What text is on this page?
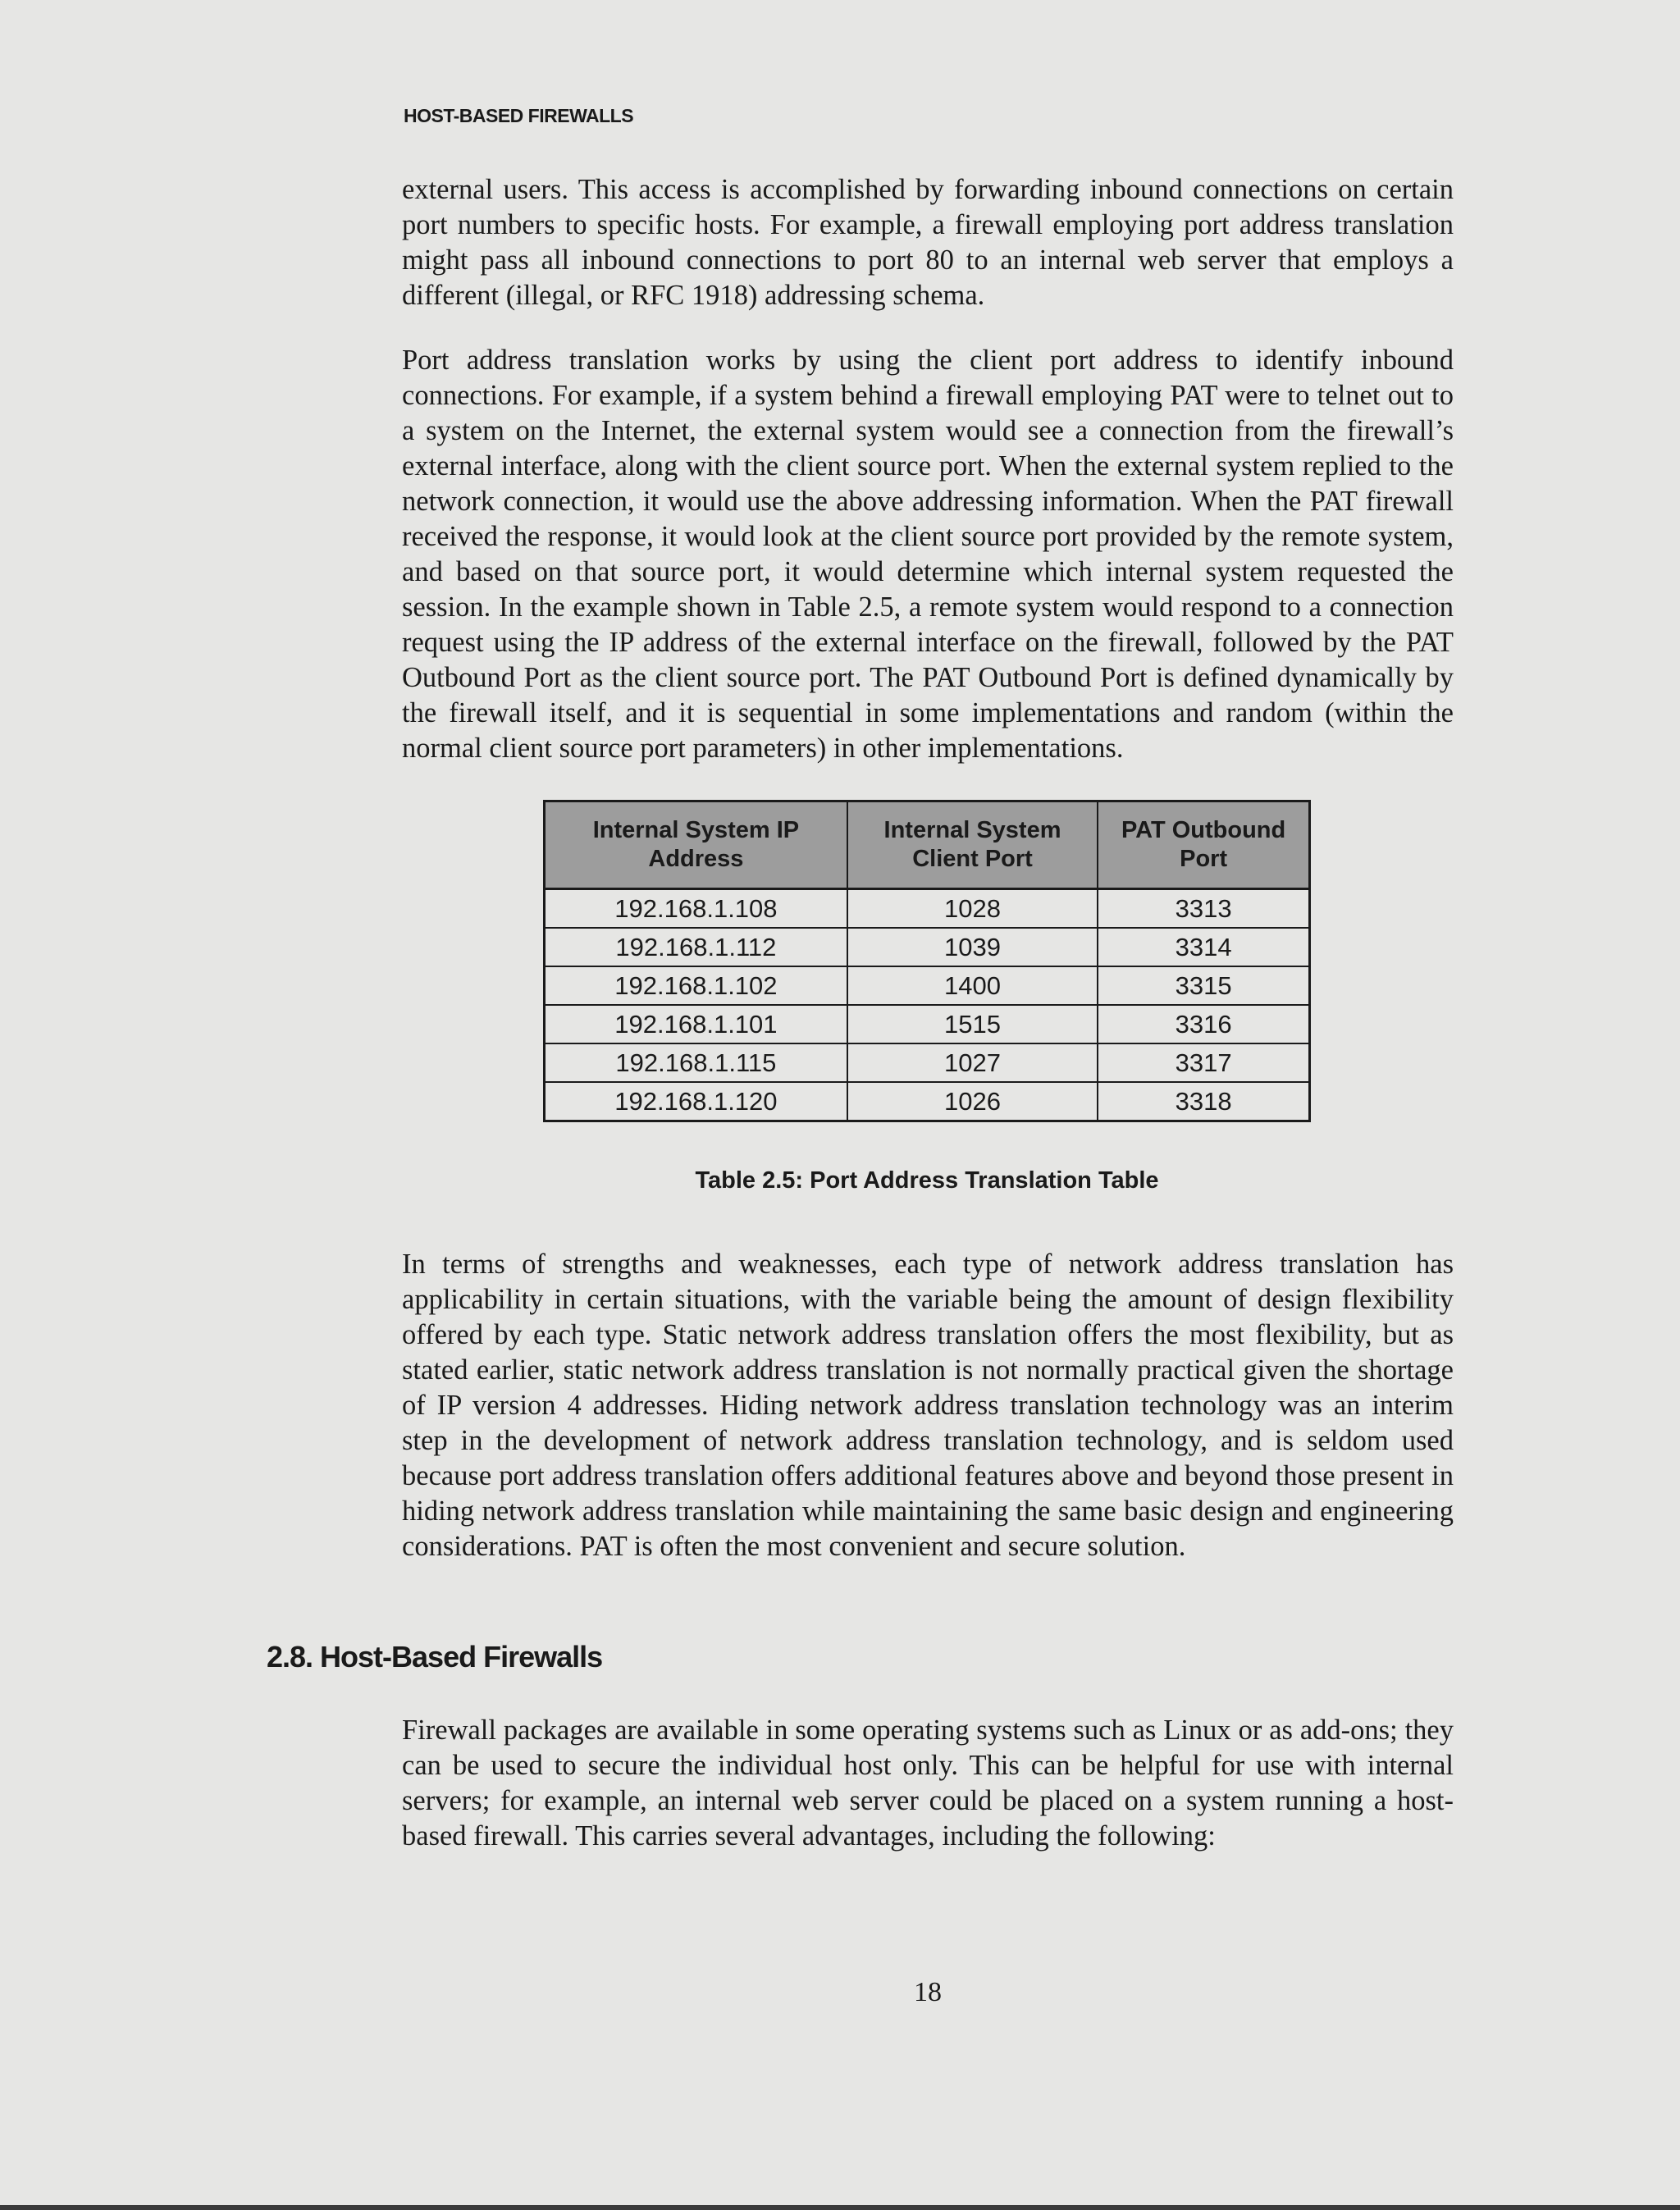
HOST-BASED FIREWALLS

external users. This access is accomplished by forwarding inbound connections on certain port numbers to specific hosts. For example, a firewall employing port address translation might pass all inbound connections to port 80 to an internal web server that employs a different (illegal, or RFC 1918) addressing schema.

Port address translation works by using the client port address to identify inbound connections. For example, if a system behind a firewall employing PAT were to telnet out to a system on the Internet, the external system would see a connection from the firewall’s external interface, along with the client source port. When the external system replied to the network connection, it would use the above addressing information. When the PAT firewall received the response, it would look at the client source port provided by the remote system, and based on that source port, it would determine which internal system requested the session. In the example shown in Table 2.5, a remote system would respond to a connection request using the IP address of the external interface on the firewall, followed by the PAT Outbound Port as the client source port. The PAT Outbound Port is defined dynamically by the firewall itself, and it is sequential in some implementations and random (within the normal client source port parameters) in other implementations.

Internal System IP Address	Internal System Client Port	PAT Outbound Port
192.168.1.108	1028	3313
192.168.1.112	1039	3314
192.168.1.102	1400	3315
192.168.1.101	1515	3316
192.168.1.115	1027	3317
192.168.1.120	1026	3318
Table 2.5: Port Address Translation Table

In terms of strengths and weaknesses, each type of network address translation has applicability in certain situations, with the variable being the amount of design flexibility offered by each type. Static network address translation offers the most flexibility, but as stated earlier, static network address translation is not normally practical given the shortage of IP version 4 addresses. Hiding network address translation technology was an interim step in the development of network address translation technology, and is seldom used because port address translation offers additional features above and beyond those present in hiding network address translation while maintaining the same basic design and engineering considerations. PAT is often the most convenient and secure solution.

2.8. Host-Based Firewalls

Firewall packages are available in some operating systems such as Linux or as add-ons; they can be used to secure the individual host only. This can be helpful for use with internal servers; for example, an internal web server could be placed on a system running a host-based firewall. This carries several advantages, including the following:

18
